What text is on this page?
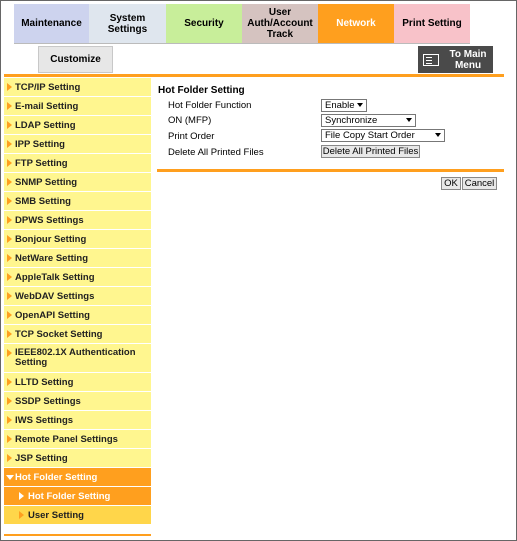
Maintenance	System Settings	Security
User
Auth/Account
Track
Network	Print Setting
Customize	To Main
Menu
TCP/IP Setting
E-mail Setting
LDAP Setting
IPP Setting
FTP Setting
SNMP Setting
SMB Setting
DPWS Settings
Bonjour Setting
NetWare Setting
AppleTalk Setting
WebDAV Settings
OpenAPI Setting
TCP Socket Setting
IEEE802.1X Authentication
Setting
LLTD Setting
SSDP Settings
IWS Settings
Remote Panel Settings
JSP Setting
Hot Folder Setting
Hot Folder Setting
User Setting
Hot Folder Setting
Hot Folder Function	Enable
ON (MFP)	Synchronize
Print Order	File Copy Start Order
Delete All Printed Files	Delete All Printed Files
OK Cancel
